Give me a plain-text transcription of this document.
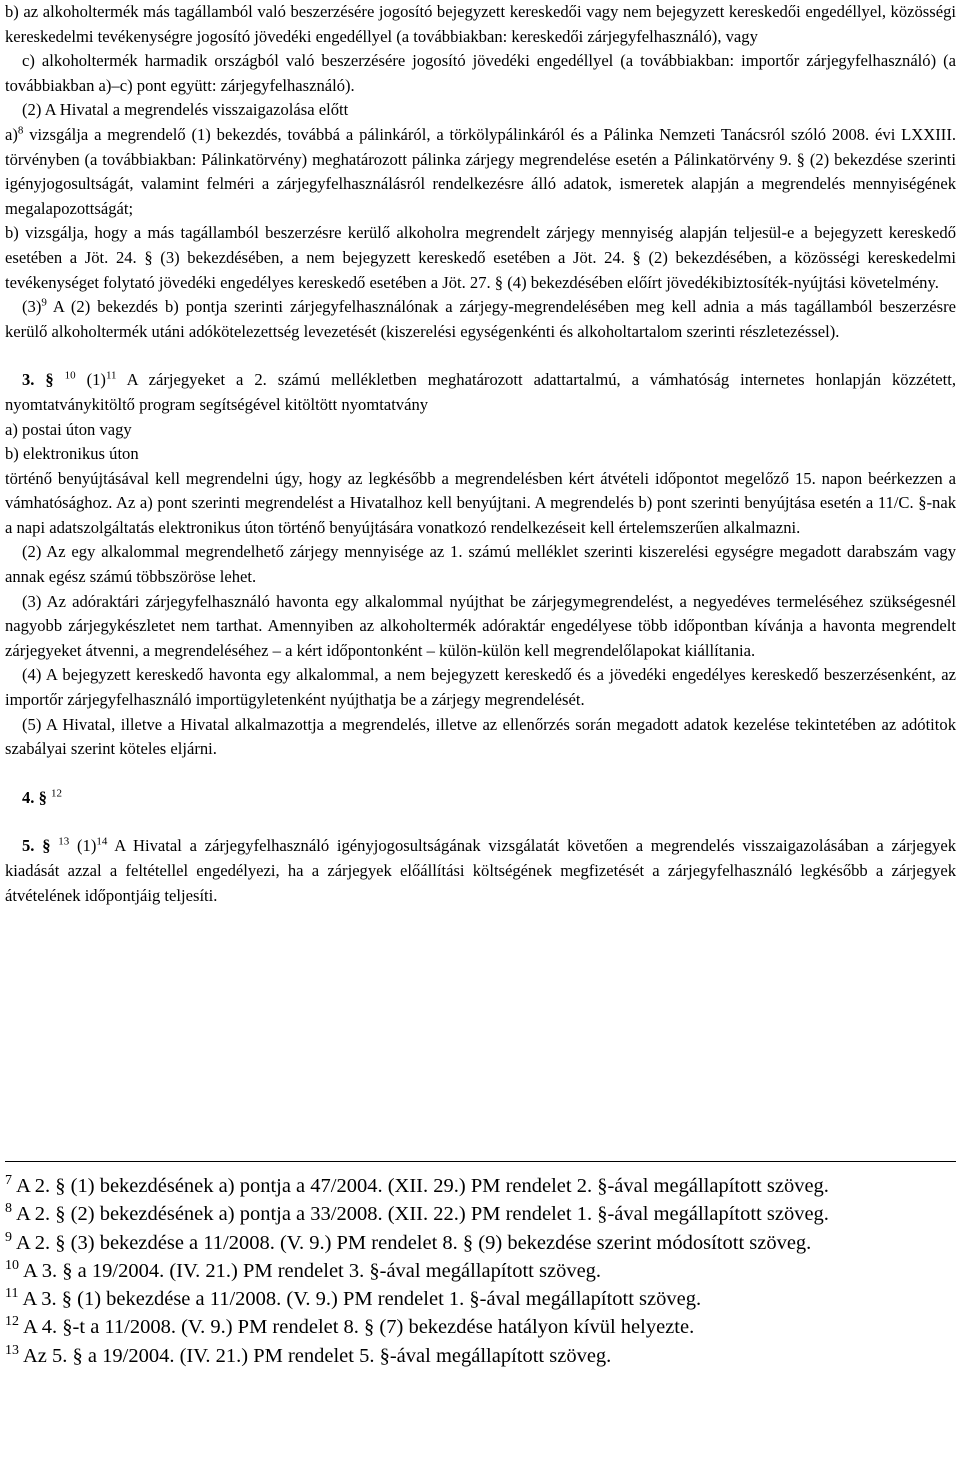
b) az alkoholtermék más tagállamból való beszerzésére jogosító bejegyzett kereskedői vagy nem bejegyzett kereskedői engedéllyel, közösségi kereskedelmi tevékenységre jogosító jövedéki engedéllyel (a továbbiakban: kereskedői zárjegyfelhasználó), vagy

c) alkoholtermék harmadik országból való beszerzésére jogosító jövedéki engedéllyel (a továbbiakban: importőr zárjegyfelhasználó) (a továbbiakban a)–c) pont együtt: zárjegyfelhasználó).

(2) A Hivatal a megrendelés visszaigazolása előtt

a)$^8$ vizsgálja a megrendelő (1) bekezdés, továbbá a pálinkáról, a törkölypálinkáról és a Pálinka Nemzeti Tanácsról szóló 2008. évi LXXIII. törvényben (a továbbiakban: Pálinkatörvény) meghatározott pálinka zárjegy megrendelése esetén a Pálinkatörvény 9. § (2) bekezdése szerinti igényjogosultságát, valamint felméri a zárjegyfelhasználásról rendelkezésre álló adatok, ismeretek alapján a megrendelés mennyiségének megalapozottságát;

b) vizsgálja, hogy a más tagállamból beszerzésre kerülő alkoholra megrendelt zárjegy mennyiség alapján teljesül-e a bejegyzett kereskedő esetében a Jöt. 24. § (3) bekezdésében, a nem bejegyzett kereskedő esetében a Jöt. 24. § (2) bekezdésében, a közösségi kereskedelmi tevékenységet folytató jövedéki engedélyes kereskedő esetében a Jöt. 27. § (4) bekezdésében előírt jövedékibiztosíték-nyújtási követelmény.

$(3)^9$ A (2) bekezdés b) pontja szerinti zárjegyfelhasználónak a zárjegy-megrendelésében meg kell adnia a más tagállamból beszerzésre kerülő alkoholtermék utáni adókötelezettség levezetését (kiszerelési egységenkénti és alkoholtartalom szerinti részletezéssel).

3. § $^{10}$ $(1)^{11}$ A zárjegyeket a 2. számú mellékletben meghatározott adattartalmú, a vámhatóság internetes honlapján közzétett, nyomtatványkitöltő program segítségével kitöltött nyomtatvány

a) postai úton vagy

b) elektronikus úton

történő benyújtásával kell megrendelni úgy, hogy az legkésőbb a megrendelésben kért átvételi időpontot megelőző 15. napon beérkezzen a vámhatósághoz. Az a) pont szerinti megrendelést a Hivatalhoz kell benyújtani. A megrendelés b) pont szerinti benyújtása esetén a 11/C. §-nak a napi adatszolgáltatás elektronikus úton történő benyújtására vonatkozó rendelkezéseit kell értelemszerűen alkalmazni.

(2) Az egy alkalommal megrendelhető zárjegy mennyisége az 1. számú melléklet szerinti kiszerelési egységre megadott darabszám vagy annak egész számú többszöröse lehet.

(3) Az adóraktári zárjegyfelhasználó havonta egy alkalommal nyújthat be zárjegymegrendelést, a negyedéves termeléséhez szükségesnél nagyobb zárjegykészletet nem tarthat. Amennyiben az alkoholtermék adóraktár engedélyese több időpontban kívánja a havonta megrendelt zárjegyeket átvenni, a megrendeléséhez – a kért időpontonként – külön-külön kell megrendelőlapokat kiállítania.

(4) A bejegyzett kereskedő havonta egy alkalommal, a nem bejegyzett kereskedő és a jövedéki engedélyes kereskedő beszerzésenként, az importőr zárjegyfelhasználó importügyletenként nyújthatja be a zárjegy megrendelését.

(5) A Hivatal, illetve a Hivatal alkalmazottja a megrendelés, illetve az ellenőrzés során megadott adatok kezelése tekintetében az adótitok szabályai szerint köteles eljárni.

4. § $^{12}$

5. § $^{13}$ $(1)^{14}$ A Hivatal a zárjegyfelhasználó igényjogosultságának vizsgálatát követően a megrendelés visszaigazolásában a zárjegyek kiadását azzal a feltétellel engedélyezi, ha a zárjegyek előállítási költségének megfizetését a zárjegyfelhasználó legkésőbb a zárjegyek átvételének időpontjáig teljesíti.

$^7$ A 2. § (1) bekezdésének a) pontja a 47/2004. (XII. 29.) PM rendelet 2. §-ával megállapított szöveg.

$^8$ A 2. § (2) bekezdésének a) pontja a 33/2008. (XII. 22.) PM rendelet 1. §-ával megállapított szöveg.

$^9$ A 2. § (3) bekezdése a 11/2008. (V. 9.) PM rendelet 8. § (9) bekezdése szerint módosított szöveg.

$^{10}$ A 3. § a 19/2004. (IV. 21.) PM rendelet 3. §-ával megállapított szöveg.

$^{11}$ A 3. § (1) bekezdése a 11/2008. (V. 9.) PM rendelet 1. §-ával megállapított szöveg.

$^{12}$ A 4. §-t a 11/2008. (V. 9.) PM rendelet 8. § (7) bekezdése hatályon kívül helyezte.

$^{13}$ Az 5. § a 19/2004. (IV. 21.) PM rendelet 5. §-ával megállapított szöveg.
